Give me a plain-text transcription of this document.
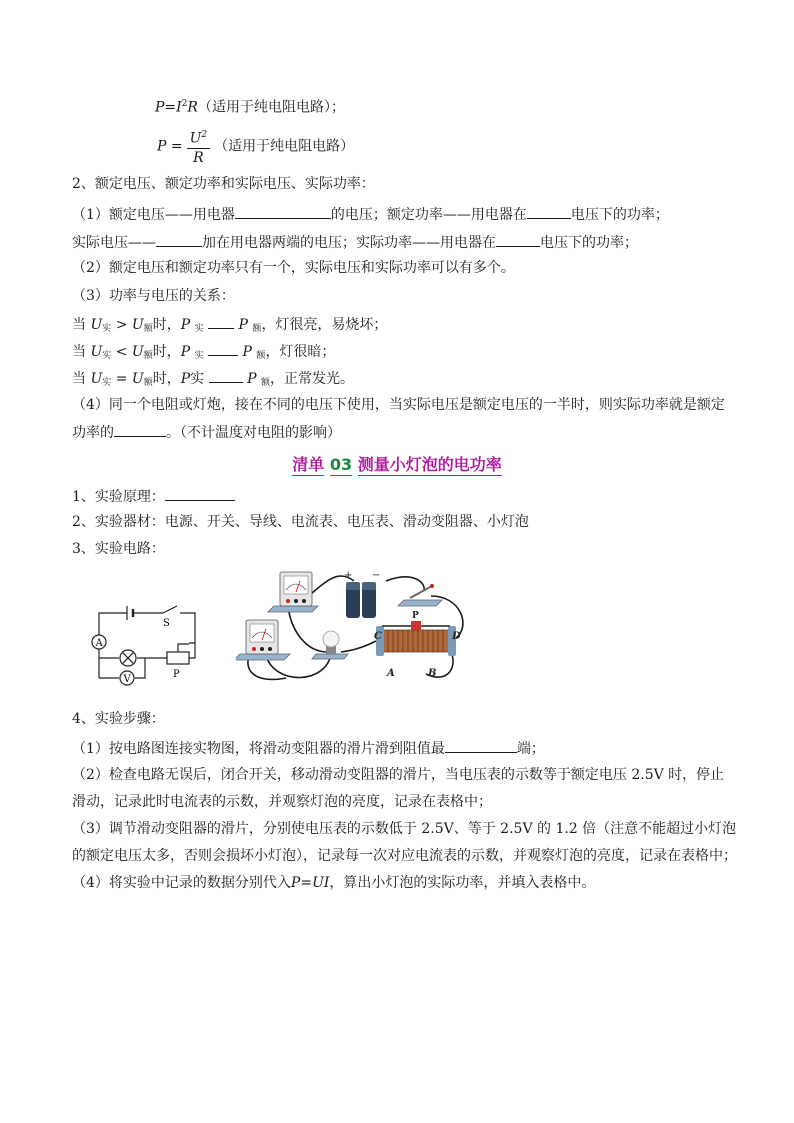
$P=I^2R$（适用于纯电阻电路）；
$P = \frac{U^2}{R}$ （适用于纯电阻电路）
2、额定电压、额定功率和实际电压、实际功率：
（1）额定电压——用电器	的电压；额定功率——用电器在	电压下的功率；
实际电压——	加在用电器两端的电压；实际功率——用电器在	电压下的功率；
（2）额定电压和额定功率只有一个，实际电压和实际功率可以有多个。
（3）功率与电压的关系：
当 $U_实 > U_额$时，P $_实$ P $_额$，灯很亮，易烧坏；
当 $U_实 < U_额$时，P $_实$	P $_额$，灯很暗；
当 $U_实 = U_额$时，P实	P $_额$，正常发光。
（4）同一个电阻或灯炮，接在不同的电压下使用，当实际电压是额定电压的一半时，则实际功率就是额定
功率的	。（不计温度对电阻的影响）
清单 03 测量小灯泡的电功率
1、实验原理：
2、实验器材：电源、开关、导线、电流表、电压表、滑动变阻器、小灯泡
3、实验电路：
A
V
S
P
+ −
C	D
A	B
P
4、实验步骤：
（1）按电路图连接实物图，将滑动变阻器的滑片滑到阻值最	端；
（2）检查电路无误后，闭合开关，移动滑动变阻器的滑片，当电压表的示数等于额定电压 2.5V 时，停止
滑动，记录此时电流表的示数，并观察灯泡的亮度，记录在表格中；
（3）调节滑动变阻器的滑片，分别使电压表的示数低于 2.5V、等于 2.5V 的 1.2 倍（注意不能超过小灯泡
的额定电压太多，否则会损坏小灯泡），记录每一次对应电流表的示数，并观察灯泡的亮度，记录在表格中；
（4）将实验中记录的数据分别代入P=UI，算出小灯泡的实际功率，并填入表格中。
